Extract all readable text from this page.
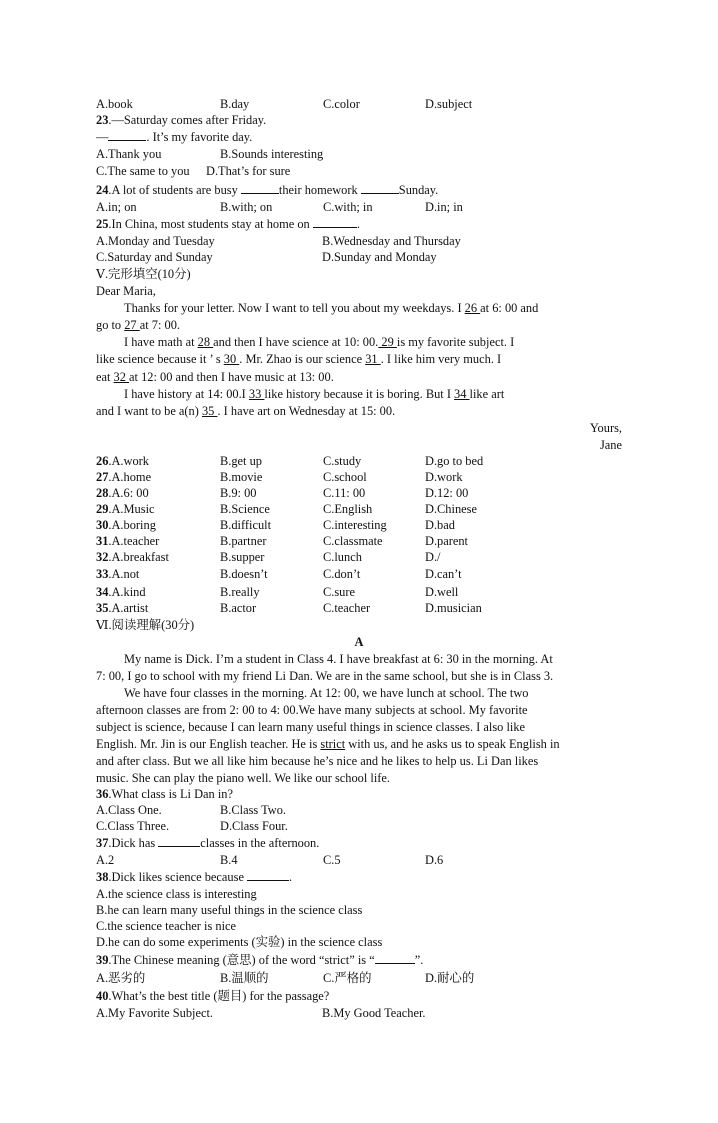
A.book	B.day	C.color	D.subject
23.—Saturday comes after Friday.
—	. It’s my favorite day.
A.Thank you	B.Sounds interesting
C.The same to you D.That’s for sure
24.A lot of students are busy	their homework	Sunday.
A.in; on	B.with; on	C.with; in	D.in; in
25.In China, most students stay at home on	.
A.Monday and Tuesday	B.Wednesday and Thursday
C.Saturday and Sunday	D.Sunday and Monday
Ⅴ.完形填空(10分)
Dear Maria,
Thanks for your letter. Now I want to tell you about my weekdays. I 26 at 6: 00 and
go to 27 at 7: 00.
I have math at 28 and then I have science at 10: 00. 29 is my favorite subject. I
like science because it ’ s 30 . Mr. Zhao is our science 31 . I like him very much. I
eat 32 at 12: 00 and then I have music at 13: 00.
I have history at 14: 00.I 33 like history because it is boring. But I 34 like art
and I want to be a(n) 35 . I have art on Wednesday at 15: 00.
Yours,
Jane
26.A.work	B.get up	C.study	D.go to bed
27.A.home	B.movie	C.school	D.work
28.A.6: 00	B.9: 00	C.11: 00	D.12: 00
29.A.Music	B.Science	C.English	D.Chinese
30.A.boring	B.difficult	C.interesting	D.bad
31.A.teacher	B.partner	C.classmate	D.parent
32.A.breakfast	B.supper	C.lunch	D./
33.A.not	B.doesn’t	C.don’t	D.can’t
34.A.kind	B.really	C.sure	D.well
35.A.artist	B.actor	C.teacher	D.musician
Ⅵ.阅读理解(30分)
A
My name is Dick. I’m a student in Class 4. I have breakfast at 6: 30 in the morning. At
7: 00, I go to school with my friend Li Dan. We are in the same school, but she is in Class 3.
We have four classes in the morning. At 12: 00, we have lunch at school. The two
afternoon classes are from 2: 00 to 4: 00.We have many subjects at school. My favorite
subject is science, because I can learn many useful things in science classes. I also like
English. Mr. Jin is our English teacher. He is strict with us, and he asks us to speak English in
and after class. But we all like him because he’s nice and he likes to help us. Li Dan likes
music. She can play the piano well. We like our school life.
36.What class is Li Dan in?
A.Class One.	B.Class Two.
C.Class Three.	D.Class Four.
37.Dick has	classes in the afternoon.
A.2	B.4	C.5	D.6
38.Dick likes science because	.
A.the science class is interesting
B.he can learn many useful things in the science class
C.the science teacher is nice
D.he can do some experiments (实验) in the science class
39.The Chinese meaning (意思) of the word “strict” is “	”.
A.恶劣的	B.温顺的	C.严格的	D.耐心的
40.What’s the best title (题目) for the passage?
A.My Favorite Subject.	B.My Good Teacher.
